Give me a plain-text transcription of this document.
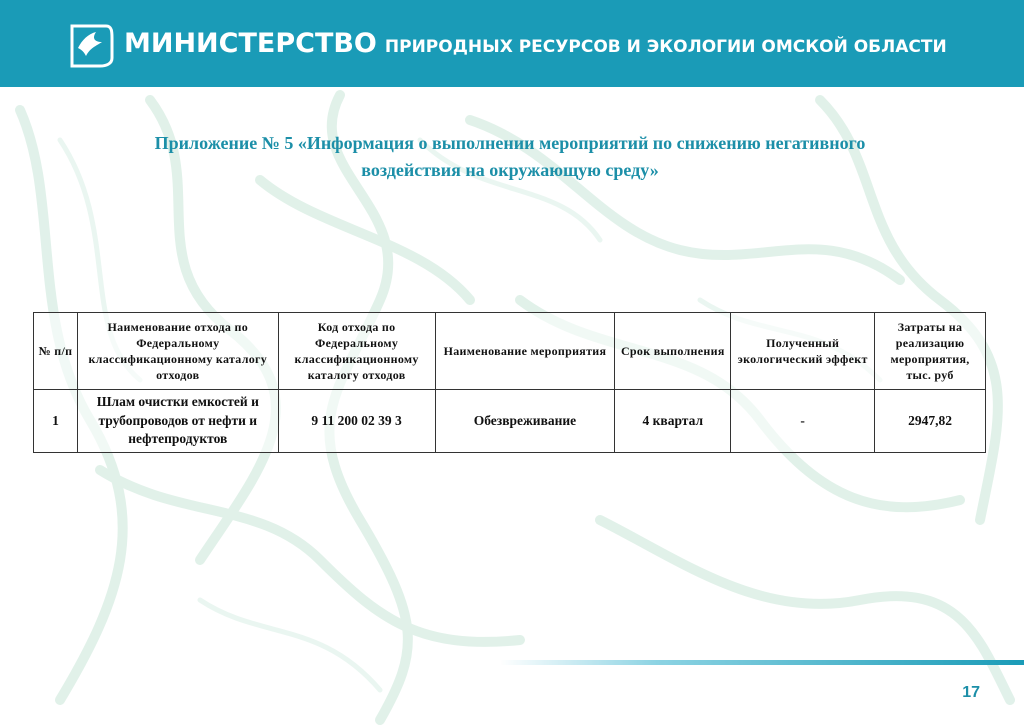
МИНИСТЕРСТВО ПРИРОДНЫХ РЕСУРСОВ И ЭКОЛОГИИ ОМСКОЙ ОБЛАСТИ
Приложение № 5 «Информация о выполнении мероприятий по снижению негативного
воздействия на окружающую среду»
№ п/п	Наименование отхода по Федеральному классификационному каталогу отходов	Код отхода по Федеральному классификационному каталогу отходов	Наименование мероприятия	Срок выполнения	Полученный экологический эффект	Затраты на реализацию мероприятия, тыс. руб
1	Шлам очистки емкостей и трубопроводов от нефти и нефтепродуктов	9 11 200 02 39 3	Обезвреживание	4 квартал	-	2947,82
17
